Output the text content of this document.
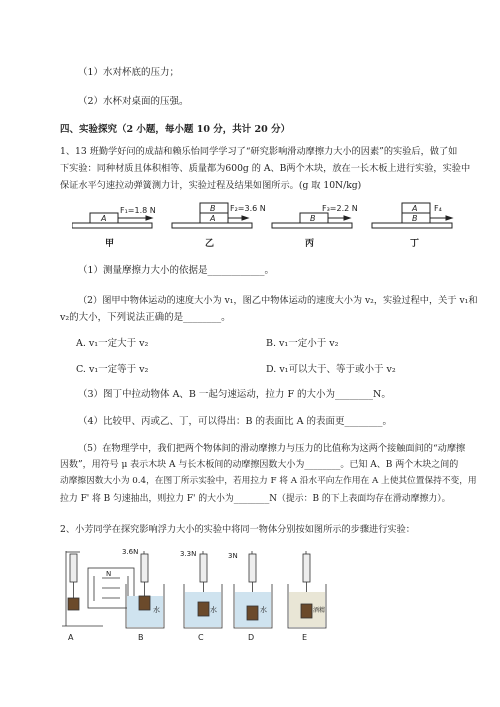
（1）水对杯底的压力；
（2）水杯对桌面的压强。
四、实验探究（2 小题，每小题 10 分，共计 20 分）
1、13 班勤学好问的成喆和赖乐怡同学学习了“研究影响滑动摩擦力大小的因素”的实验后，做了如
下实验：同种材质且体积相等、质量都为600g 的 A、B两个木块，放在一长木板上进行实验，实验中
保证水平匀速拉动弹簧测力计，实验过程及结果如图所示。(g 取 10N/kg)
A
F₁=1.8 N	B
A
F₂=3.6 N
B
F₃=2.2 N	A
B
F₄
甲	乙	丙	丁
（1）测量摩擦力大小的依据是____________。
（2）图甲中物体运动的速度大小为 v₁，图乙中物体运动的速度大小为 v₂，实验过程中，关于 v₁和
v₂的大小，下列说法正确的是________。
A. v₁一定大于 v₂	B. v₁一定小于 v₂
C. v₁一定等于 v₂	D. v₁可以大于、等于或小于 v₂
（3）图丁中拉动物体 A、B 一起匀速运动，拉力 F 的大小为________N。
（4）比较甲、丙或乙、丁，可以得出：B 的表面比 A 的表面更________。
（5）在物理学中，我们把两个物体间的滑动摩擦力与压力的比值称为这两个接触面间的“动摩擦
因数”，用符号 μ 表示木块 A 与长木板间的动摩擦因数大小为________。已知 A、B 两个木块之间的
动摩擦因数大小为 0.4，在图丁所示实验中，若用拉力 F 将 A 沿水平向左作用在 A 上使其位置保持不变，用
拉力 F' 将 B 匀速抽出，则拉力 F' 的大小为________N（提示：B 的下上表面均存在滑动摩擦力）。
2、小芳同学在探究影响浮力大小的实验中将同一物体分别按如图所示的步骤进行实验：
N
3.6N	3.3N	3N
水	水	水	酒精
A	B	C	D	E
